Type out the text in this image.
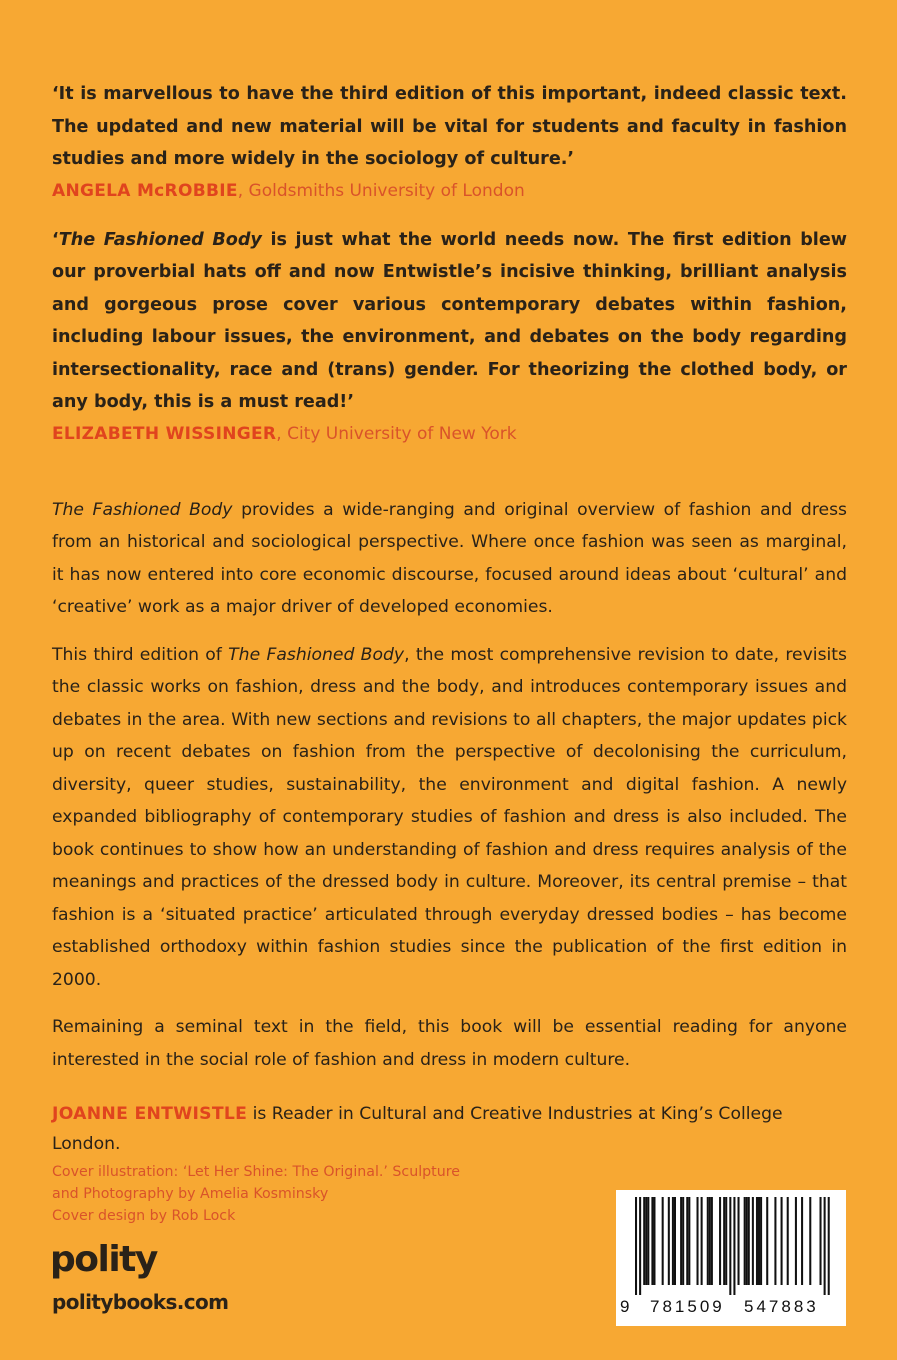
‘It is marvellous to have the third edition of this important, indeed classic text. The updated and new material will be vital for students and faculty in fashion studies and more widely in the sociology of culture.’

ANGELA McROBBIE, Goldsmiths University of London

‘The Fashioned Body is just what the world needs now. The first edition blew our proverbial hats off and now Entwistle’s incisive thinking, brilliant analysis and gorgeous prose cover various contemporary debates within fashion, including labour issues, the environment, and debates on the body regarding intersectionality, race and (trans) gender. For theorizing the clothed body, or any body, this is a must read!’

ELIZABETH WISSINGER, City University of New York

The Fashioned Body provides a wide-ranging and original overview of fashion and dress from an historical and sociological perspective. Where once fashion was seen as marginal, it has now entered into core economic discourse, focused around ideas about ‘cultural’ and ‘creative’ work as a major driver of developed economies.

This third edition of The Fashioned Body, the most comprehensive revision to date, revisits the classic works on fashion, dress and the body, and introduces contemporary issues and debates in the area. With new sections and revisions to all chapters, the major updates pick up on recent debates on fashion from the perspective of decolonising the curriculum, diversity, queer studies, sustainability, the environment and digital fashion. A newly expanded bibliography of contemporary studies of fashion and dress is also included. The book continues to show how an understanding of fashion and dress requires analysis of the meanings and practices of the dressed body in culture. Moreover, its central premise – that fashion is a ‘situated practice’ articulated through everyday dressed bodies – has become established orthodoxy within fashion studies since the publication of the first edition in 2000.

Remaining a seminal text in the field, this book will be essential reading for anyone interested in the social role of fashion and dress in modern culture.

JOANNE ENTWISTLE is Reader in Cultural and Creative Industries at King’s College London.

Cover illustration: ‘Let Her Shine: The Original.’ Sculpture
and Photography by Amelia Kosminsky
Cover design by Rob Lock
polity
politybooks.com	9 781509 547883
